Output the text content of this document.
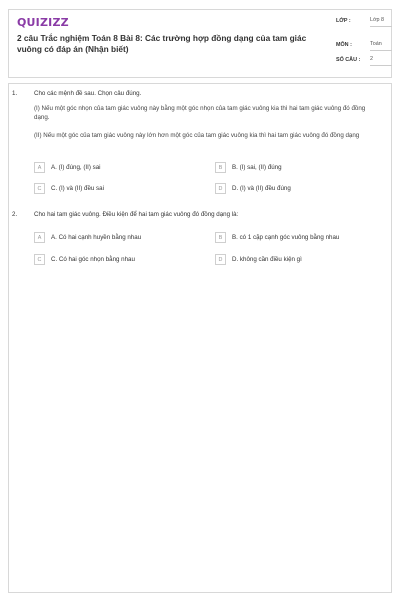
QUIZIZZ
2 câu Trắc nghiệm Toán 8 Bài 8: Các trường hợp đồng dạng của tam giác vuông có đáp án (Nhận biết)
LỚP :	Lớp 8
MÔN :	Toán
SỐ CÂU : 2
1.	Cho các mệnh đề sau. Chọn câu đúng.
(I) Nếu một góc nhọn của tam giác vuông này bằng một góc nhọn của tam giác vuông kia thì hai tam giác vuông đó đồng dạng.
(II) Nếu một góc của tam giác vuông này lớn hơn một góc của tam giác vuông kia thì hai tam giác vuông đó đồng dạng
A	A. (I) đúng, (II) sai	B	B. (I) sai, (II) đúng
C	C. (I) và (II) đều sai	D	D. (I) và (II) đều đúng
2.	Cho hai tam giác vuông. Điều kiện để hai tam giác vuông đó đồng dạng là:
A	A. Có hai cạnh huyền bằng nhau	B	B. có 1 cặp cạnh góc vuông bằng nhau
C	C. Có hai góc nhọn bằng nhau	D	D. không cần điều kiện gì
